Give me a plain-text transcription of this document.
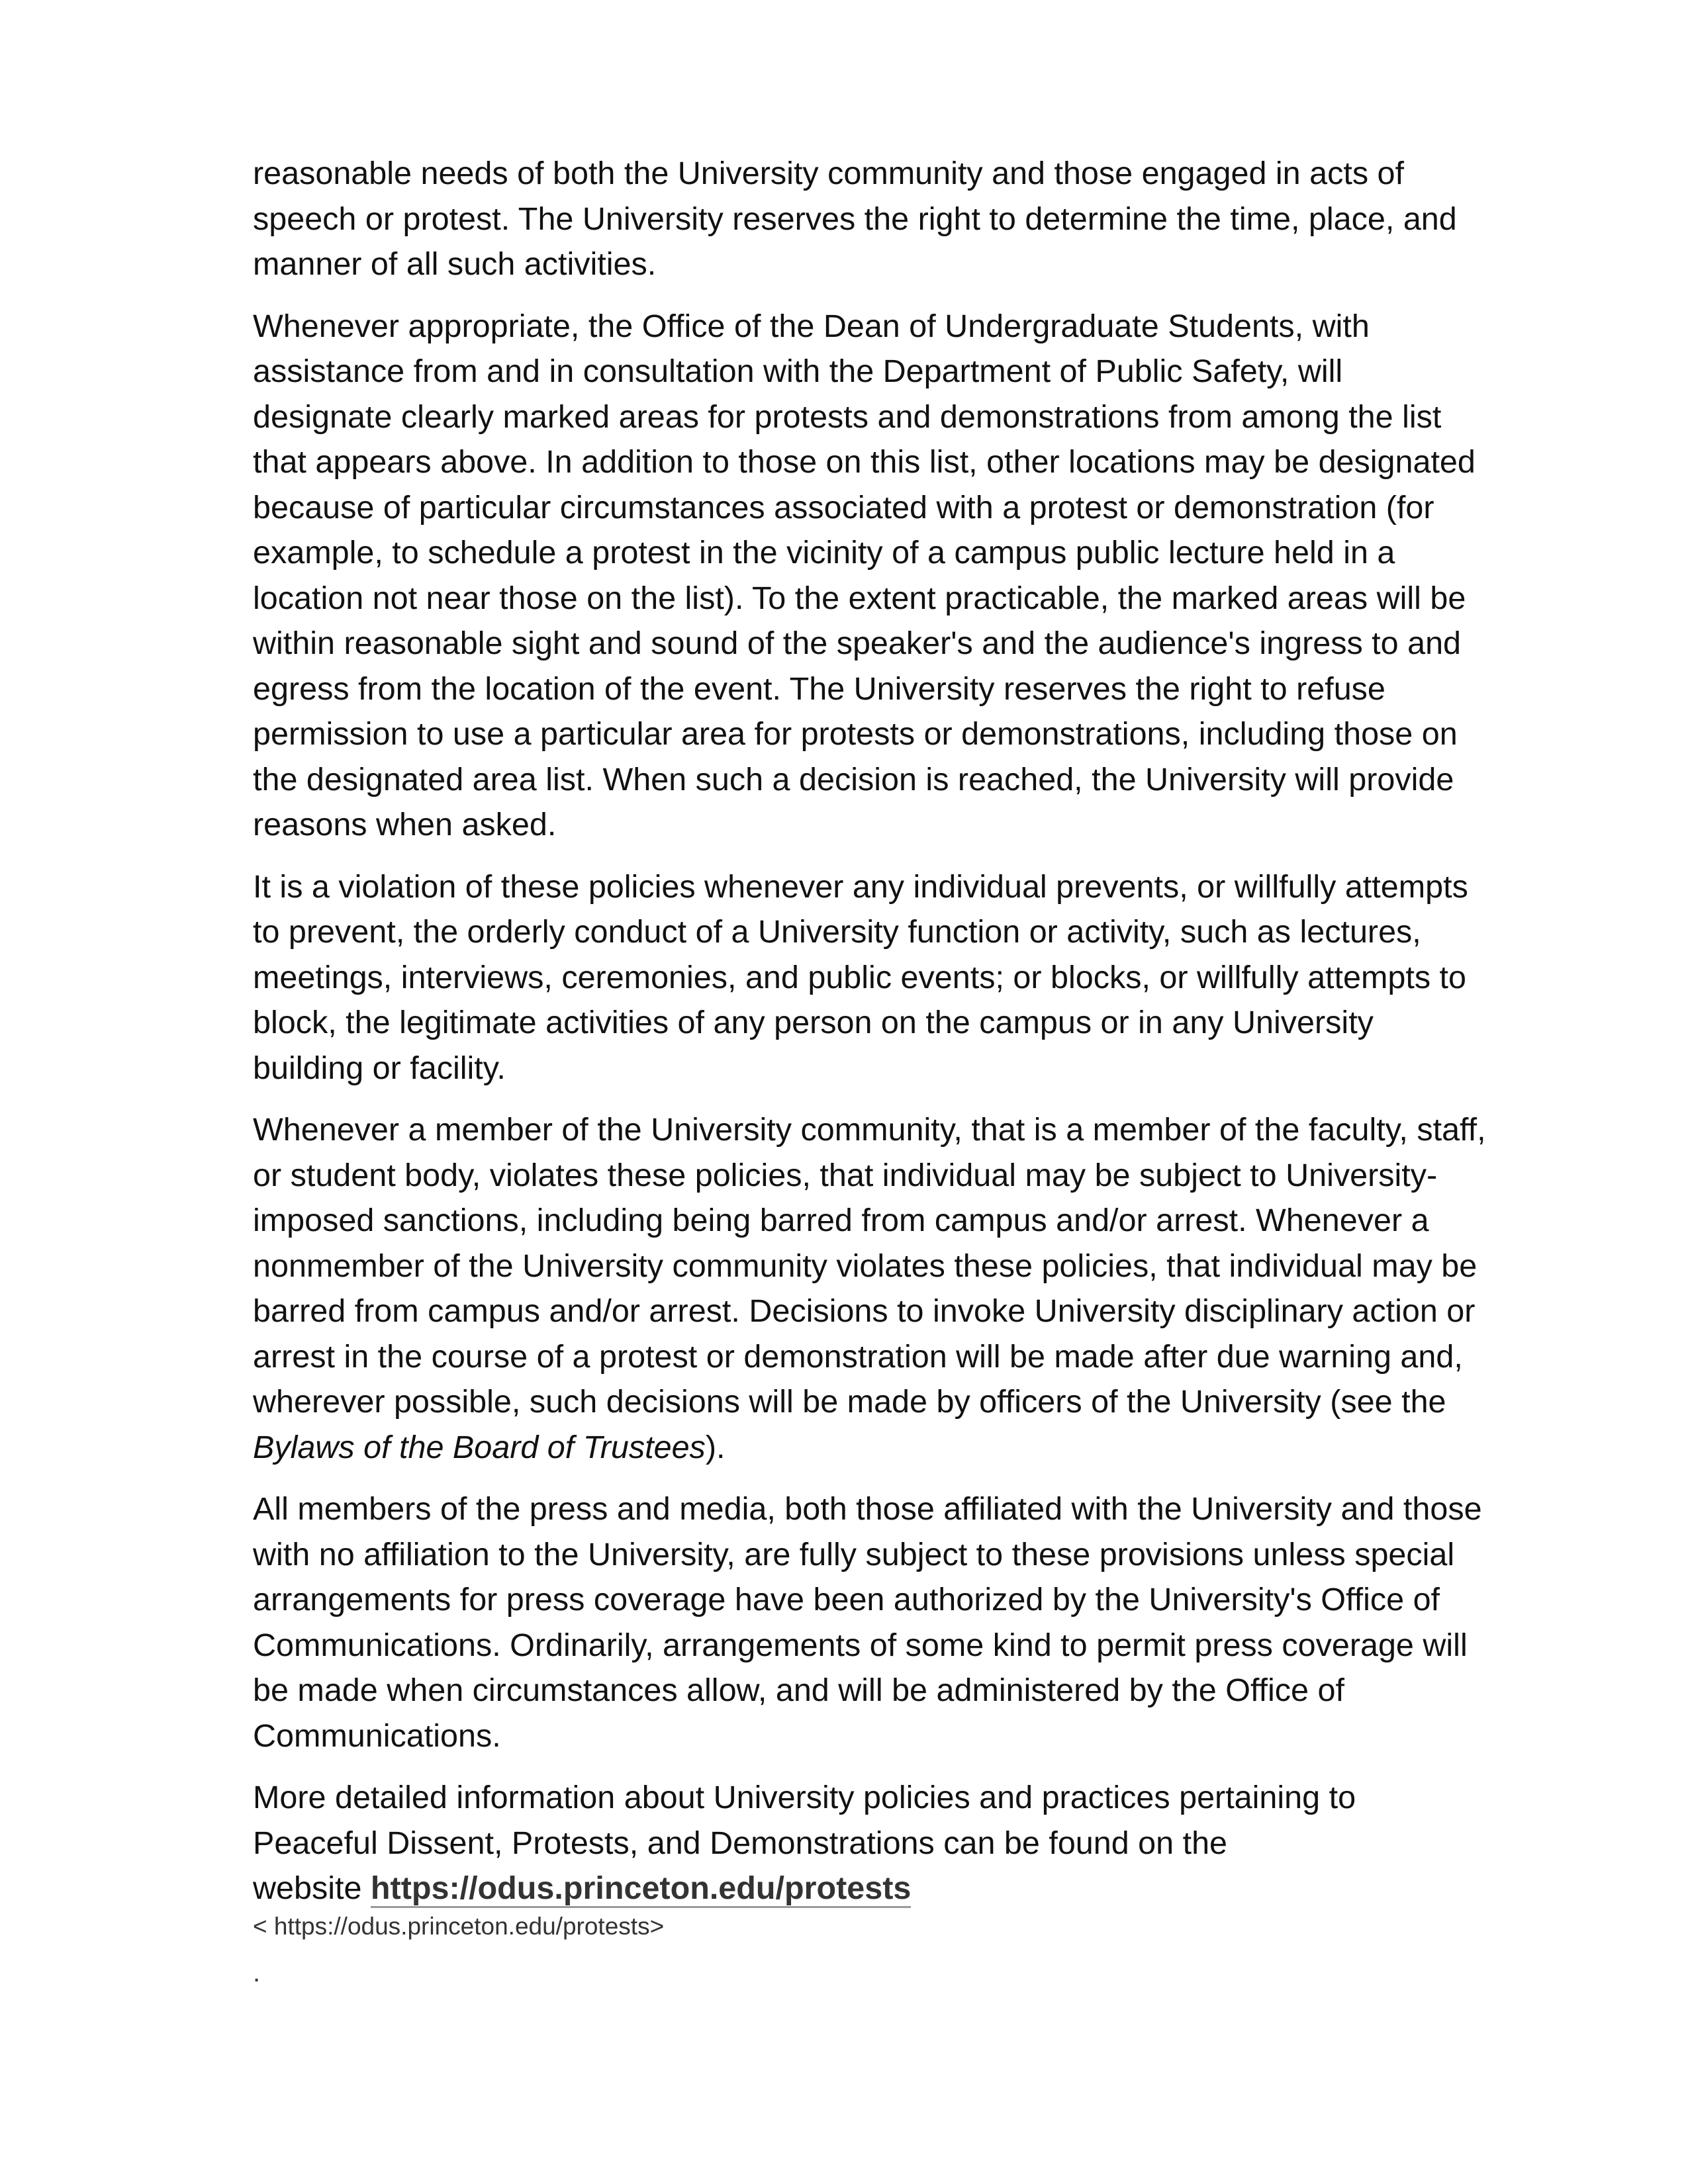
reasonable needs of both the University community and those engaged in acts of
speech or protest. The University reserves the right to determine the time, place, and
manner of all such activities.

Whenever appropriate, the Office of the Dean of Undergraduate Students, with
assistance from and in consultation with the Department of Public Safety, will
designate clearly marked areas for protests and demonstrations from among the list
that appears above. In addition to those on this list, other locations may be designated
because of particular circumstances associated with a protest or demonstration (for
example, to schedule a protest in the vicinity of a campus public lecture held in a
location not near those on the list). To the extent practicable, the marked areas will be
within reasonable sight and sound of the speaker's and the audience's ingress to and
egress from the location of the event. The University reserves the right to refuse
permission to use a particular area for protests or demonstrations, including those on
the designated area list. When such a decision is reached, the University will provide
reasons when asked.

It is a violation of these policies whenever any individual prevents, or willfully attempts
to prevent, the orderly conduct of a University function or activity, such as lectures,
meetings, interviews, ceremonies, and public events; or blocks, or willfully attempts to
block, the legitimate activities of any person on the campus or in any University
building or facility.

Whenever a member of the University community, that is a member of the faculty, staff,
or student body, violates these policies, that individual may be subject to University-
imposed sanctions, including being barred from campus and/or arrest. Whenever a
nonmember of the University community violates these policies, that individual may be
barred from campus and/or arrest. Decisions to invoke University disciplinary action or
arrest in the course of a protest or demonstration will be made after due warning and,
wherever possible, such decisions will be made by officers of the University (see the
Bylaws of the Board of Trustees).

All members of the press and media, both those affiliated with the University and those
with no affiliation to the University, are fully subject to these provisions unless special
arrangements for press coverage have been authorized by the University's Office of
Communications. Ordinarily, arrangements of some kind to permit press coverage will
be made when circumstances allow, and will be administered by the Office of
Communications.

More detailed information about University policies and practices pertaining to
Peaceful Dissent, Protests, and Demonstrations can be found on the
website https://odus.princeton.edu/protests

< https://odus.princeton.edu/protests>
.
